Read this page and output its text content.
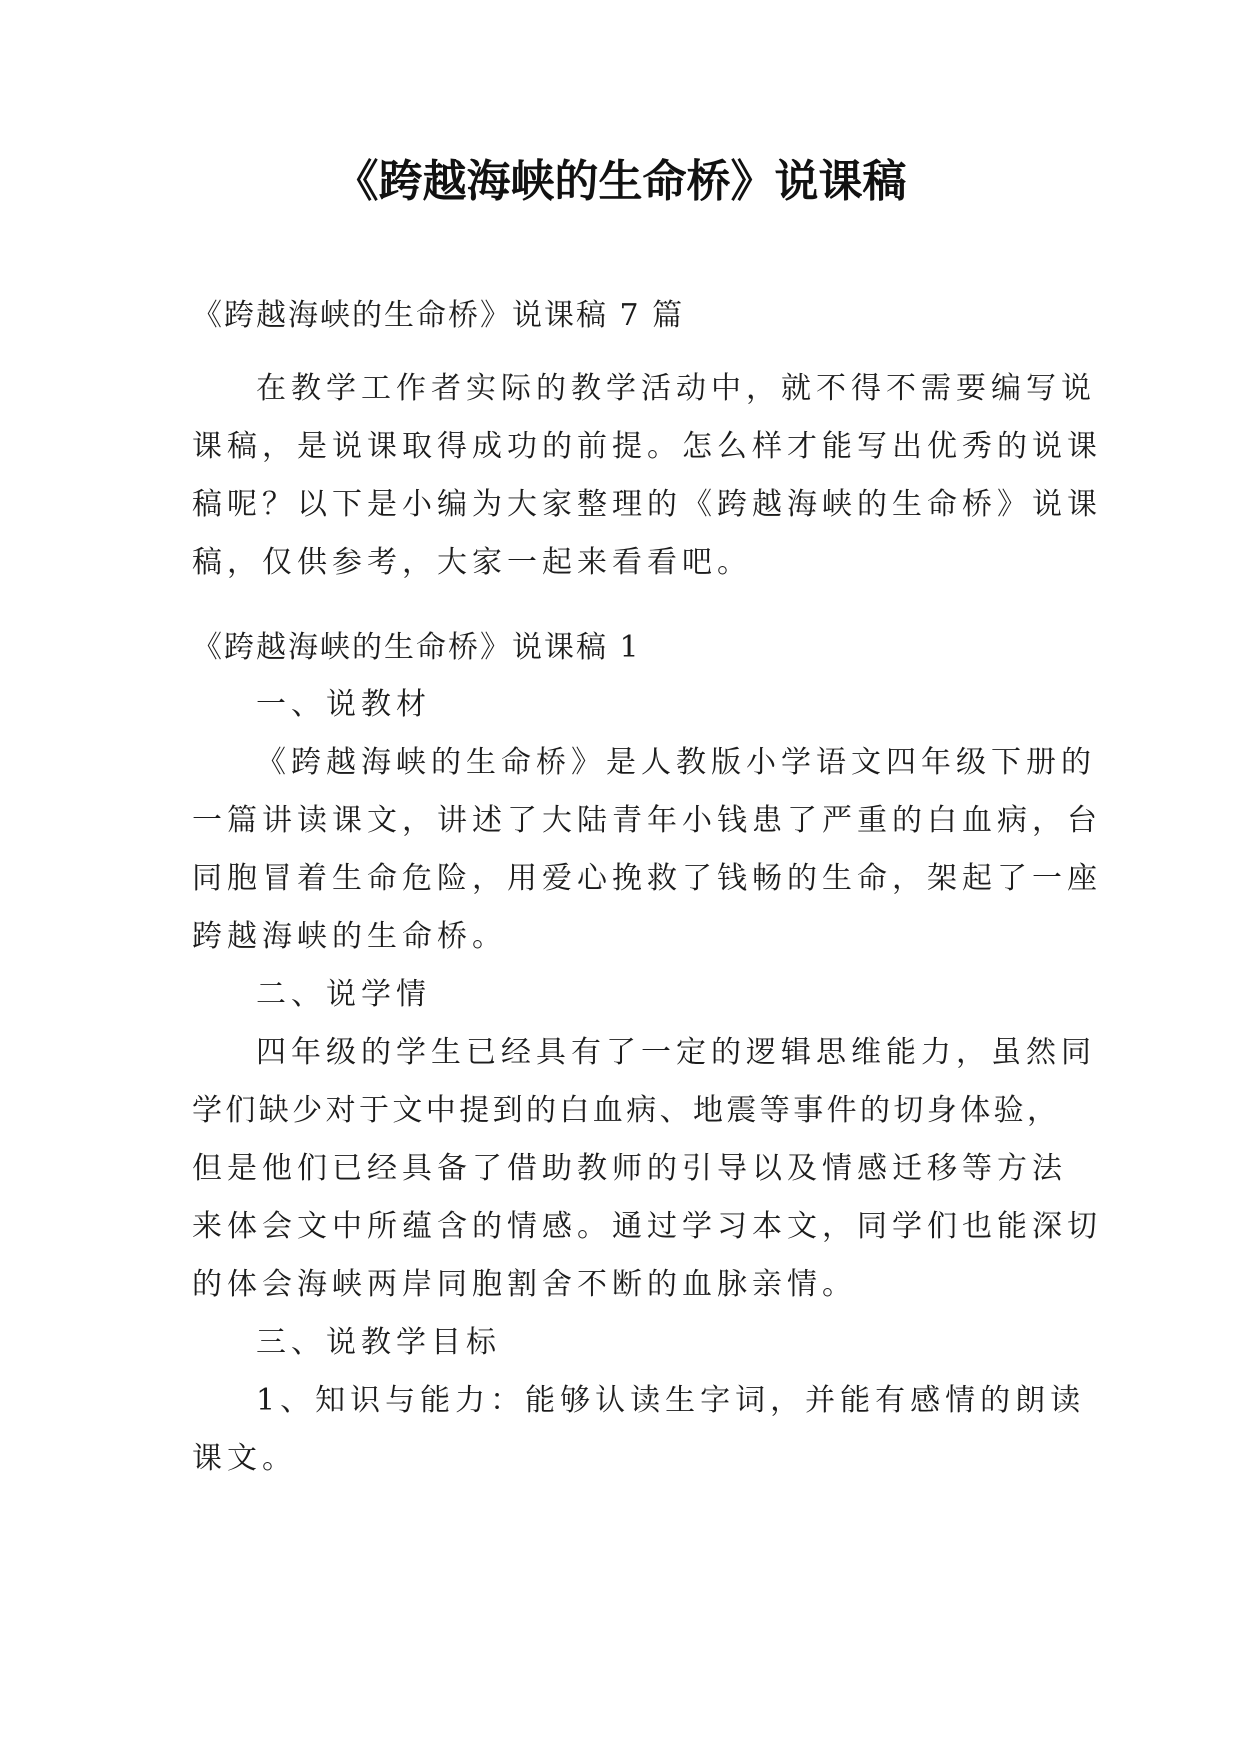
《跨越海峡的生命桥》说课稿
《跨越海峡的生命桥》说课稿 7 篇
在教学工作者实际的教学活动中，就不得不需要编写说
课稿，是说课取得成功的前提。怎么样才能写出优秀的说课
稿呢？以下是小编为大家整理的《跨越海峡的生命桥》说课
稿，仅供参考，大家一起来看看吧。
《跨越海峡的生命桥》说课稿 1
一、说教材
《跨越海峡的生命桥》是人教版小学语文四年级下册的
一篇讲读课文，讲述了大陆青年小钱患了严重的白血病，台
同胞冒着生命危险，用爱心挽救了钱畅的生命，架起了一座
跨越海峡的生命桥。
二、说学情
四年级的学生已经具有了一定的逻辑思维能力，虽然同
学们缺少对于文中提到的白血病、地震等事件的切身体验，
但是他们已经具备了借助教师的引导以及情感迁移等方法
来体会文中所蕴含的情感。通过学习本文，同学们也能深切
的体会海峡两岸同胞割舍不断的血脉亲情。
三、说教学目标
1、知识与能力：能够认读生字词，并能有感情的朗读
课文。
